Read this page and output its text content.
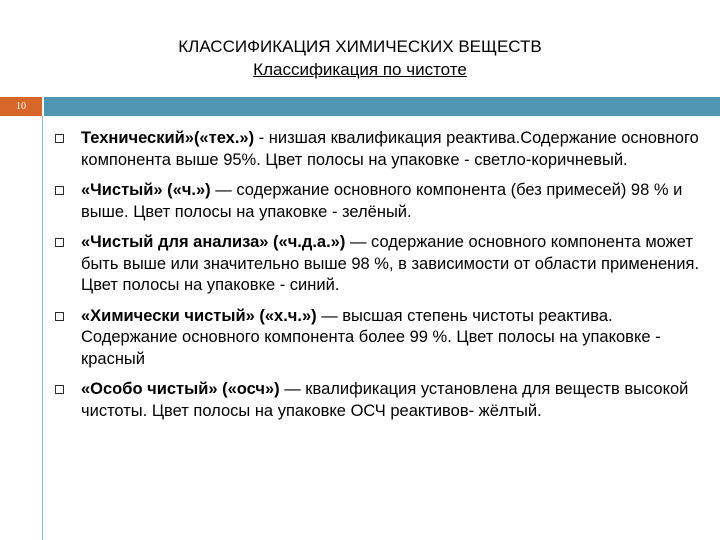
КЛАССИФИКАЦИЯ ХИМИЧЕСКИХ ВЕЩЕСТВ
Классификация по чистоте
10
Технический»(«тех.») - низшая квалификация реактива.Содержание основного компонента выше 95%. Цвет полосы на упаковке - светло-коричневый.
«Чистый» («ч.») — содержание основного компонента (без примесей) 98 % и выше. Цвет полосы на упаковке - зелёный.
«Чистый для анализа» («ч.д.а.») — содержание основного компонента может быть выше или значительно выше 98 %, в зависимости от области применения. Цвет полосы на упаковке - синий.
«Химически чистый» («х.ч.») — высшая степень чистоты реактива. Содержание основного компонента более 99 %. Цвет полосы на упаковке - красный
«Особо чистый» («осч») — квалификация установлена для веществ высокой чистоты. Цвет полосы на упаковке ОСЧ реактивов- жёлтый.
